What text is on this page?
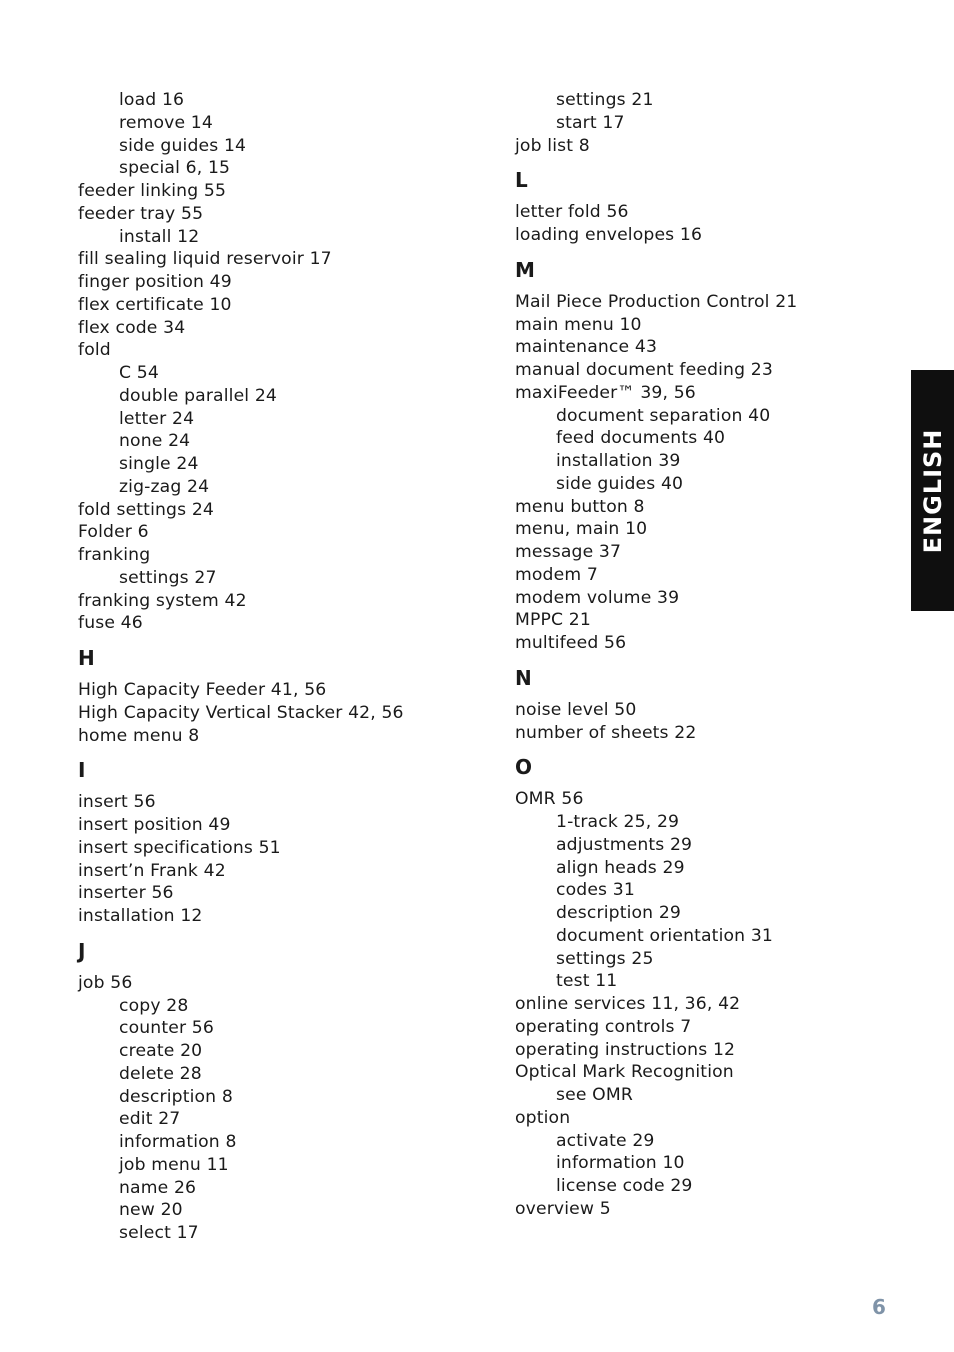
load 16
remove 14
side guides 14
special 6, 15
feeder linking 55
feeder tray 55
install 12
fill sealing liquid reservoir 17
finger position 49
flex certificate 10
flex code 34
fold
C 54
double parallel 24
letter 24
none 24
single 24
zig-zag 24
fold settings 24
Folder 6
franking
settings 27
franking system 42
fuse 46
H
High Capacity Feeder 41, 56
High Capacity Vertical Stacker 42, 56
home menu 8
I
insert 56
insert position 49
insert specifications 51
insert’n Frank 42
inserter 56
installation 12
J
job 56
copy 28
counter 56
create 20
delete 28
description 8
edit 27
information 8
job menu 11
name 26
new 20
select 17
settings 21
start 17
job list 8
L
letter fold 56
loading envelopes 16
M
Mail Piece Production Control 21
main menu 10
maintenance 43
manual document feeding 23
maxiFeeder™ 39, 56
document separation 40
feed documents 40
installation 39
side guides 40
menu button 8
menu, main 10
message 37
modem 7
modem volume 39
MPPC 21
multifeed 56
N
noise level 50
number of sheets 22
O
OMR 56
1-track 25, 29
adjustments 29
align heads 29
codes 31
description 29
document orientation 31
settings 25
test 11
online services 11, 36, 42
operating controls 7
operating instructions 12
Optical Mark Recognition
see OMR
option
activate 29
information 10
license code 29
overview 5
ENGLISH
6
